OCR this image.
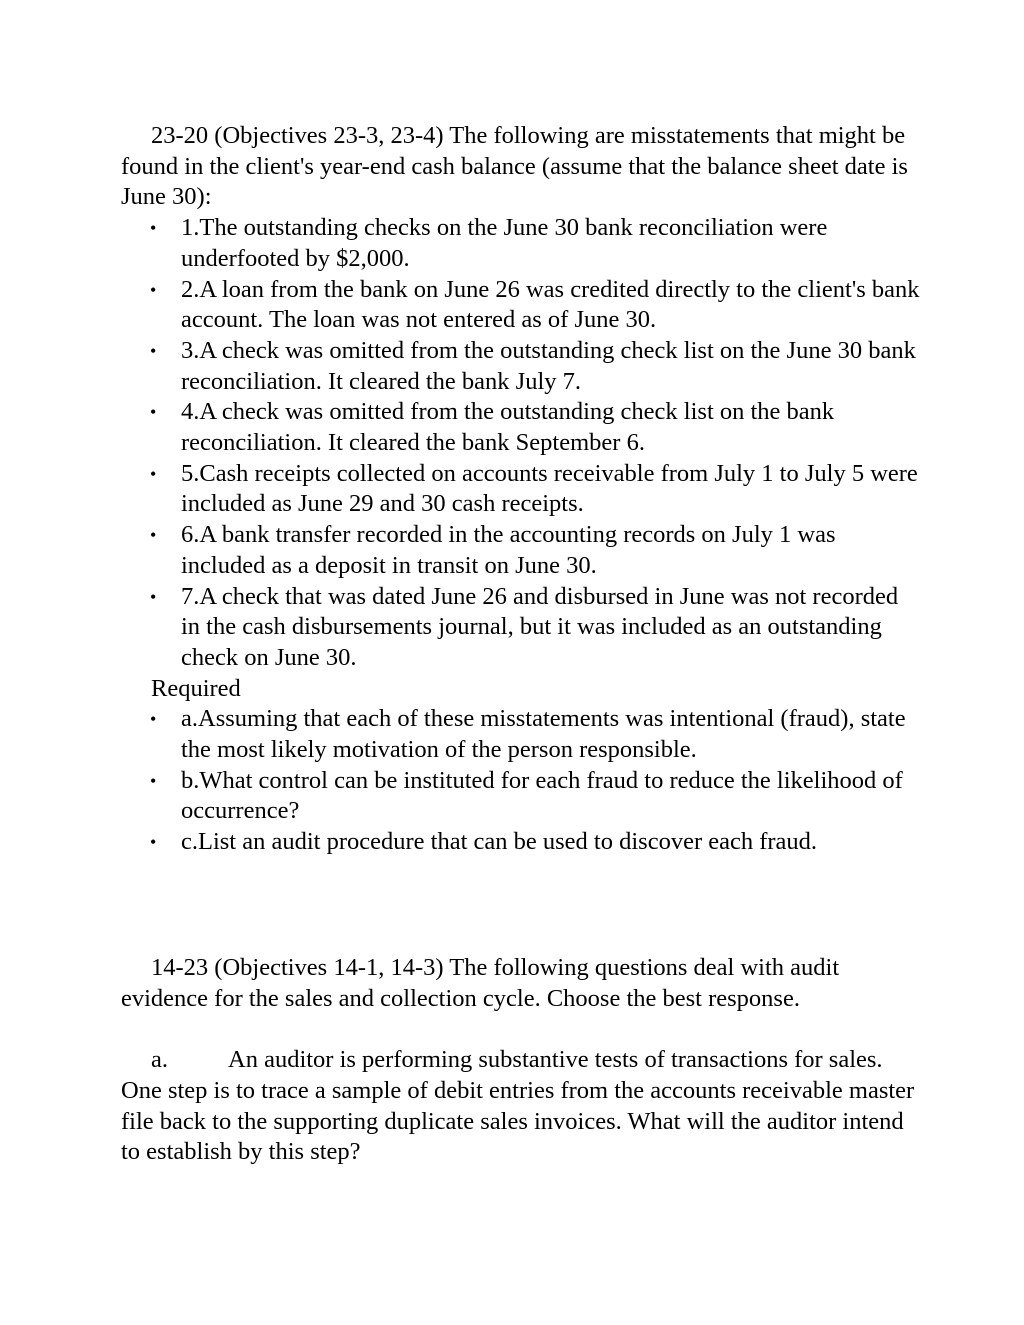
23-20 (Objectives 23-3, 23-4) The following are misstatements that might be found in the client's year-end cash balance (assume that the balance sheet date is June 30):

• 1.The outstanding checks on the June 30 bank reconciliation were underfooted by $2,000.
• 2.A loan from the bank on June 26 was credited directly to the client's bank account. The loan was not entered as of June 30.
• 3.A check was omitted from the outstanding check list on the June 30 bank reconciliation. It cleared the bank July 7.
• 4.A check was omitted from the outstanding check list on the bank reconciliation. It cleared the bank September 6.
• 5.Cash receipts collected on accounts receivable from July 1 to July 5 were included as June 29 and 30 cash receipts.
• 6.A bank transfer recorded in the accounting records on July 1 was included as a deposit in transit on June 30.
• 7.A check that was dated June 26 and disbursed in June was not recorded in the cash disbursements journal, but it was included as an outstanding check on June 30.

Required

• a.Assuming that each of these misstatements was intentional (fraud), state the most likely motivation of the person responsible.
• b.What control can be instituted for each fraud to reduce the likelihood of occurrence?
• c.List an audit procedure that can be used to discover each fraud.

14-23 (Objectives 14-1, 14-3) The following questions deal with audit evidence for the sales and collection cycle. Choose the best response.

a. An auditor is performing substantive tests of transactions for sales. One step is to trace a sample of debit entries from the accounts receivable master file back to the supporting duplicate sales invoices. What will the auditor intend to establish by this step?
